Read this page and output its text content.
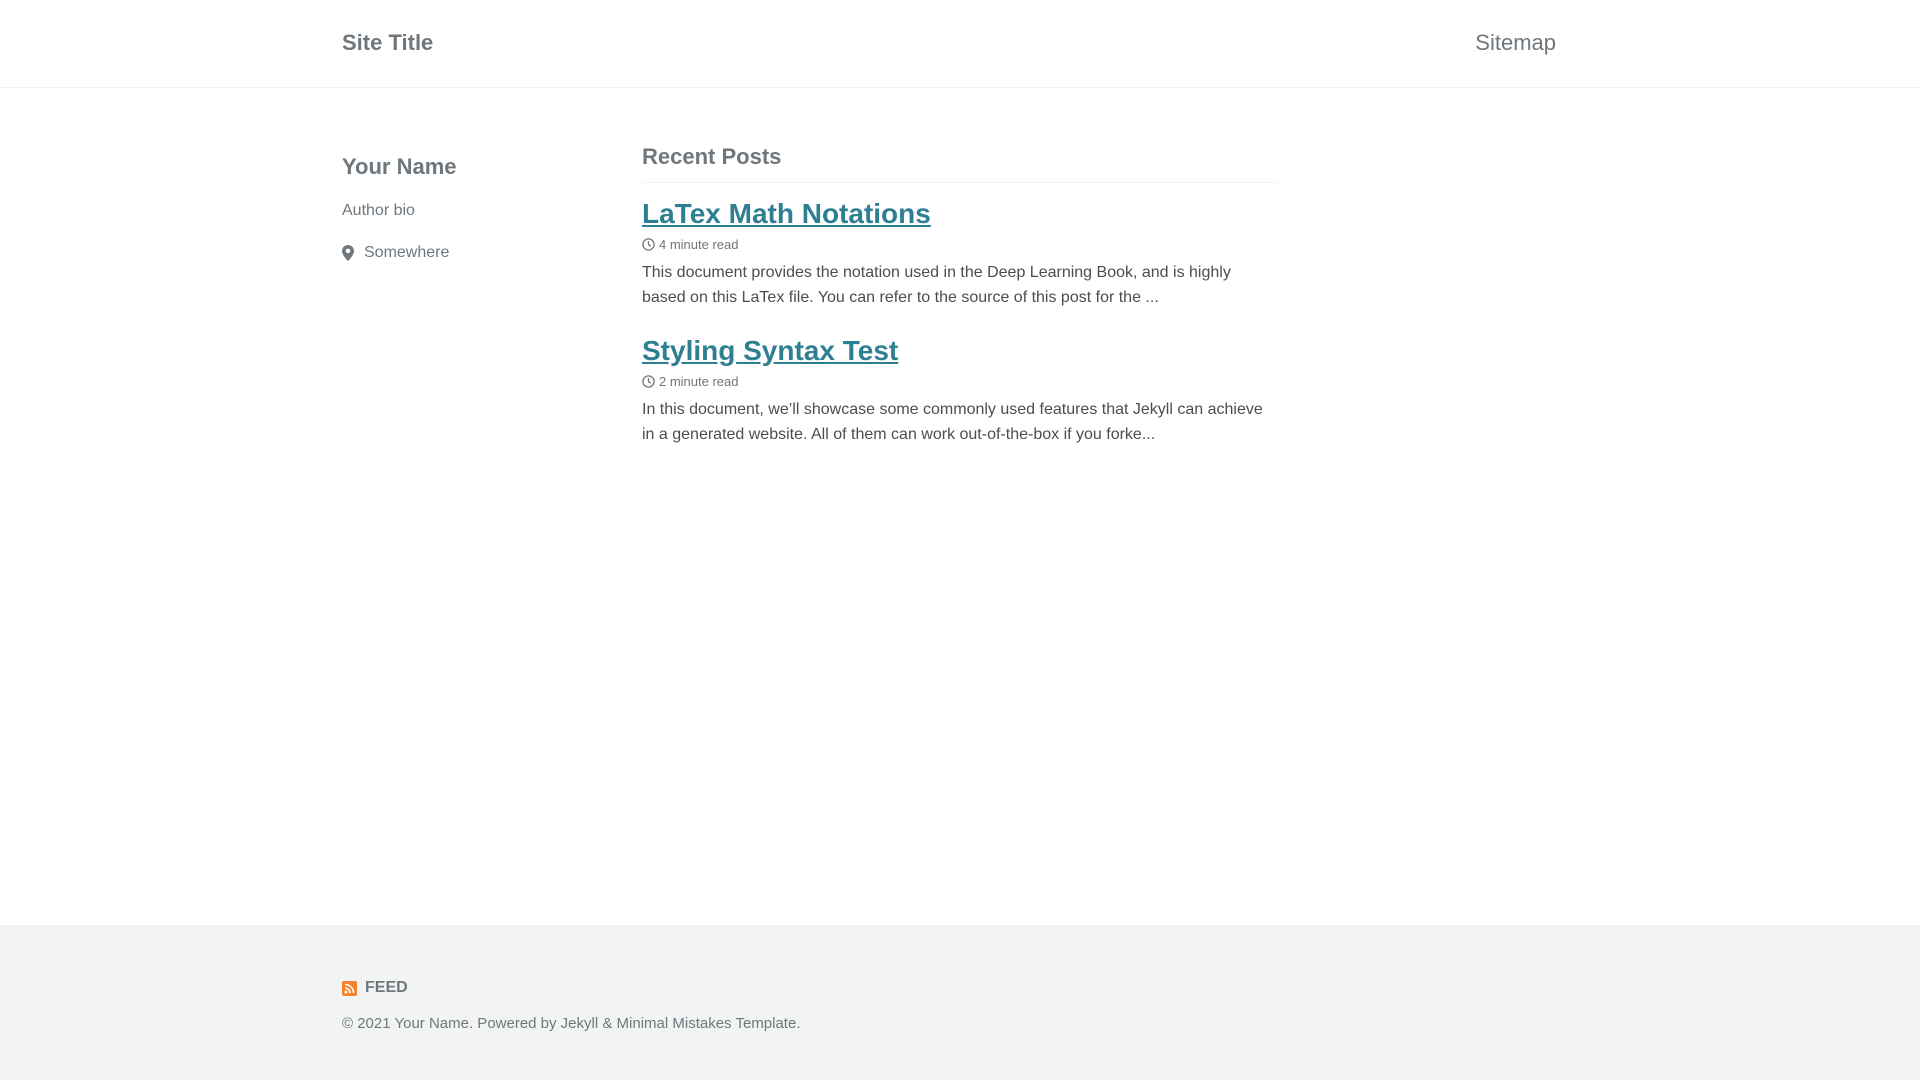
Site Title	Sitemap
Your Name
Author bio
Somewhere
Recent Posts
LaTex Math Notations
4 minute read

This document provides the notation used in the Deep Learning Book, and is highly based on this LaTex file. You can refer to the source of this post for the ...

Styling Syntax Test
2 minute read

In this document, we’ll showcase some commonly used features that Jekyll can achieve in a generated website. All of them can work out-of-the-box if you forke...

FEED
© 2021 Your Name. Powered by Jekyll & Minimal Mistakes Template.
